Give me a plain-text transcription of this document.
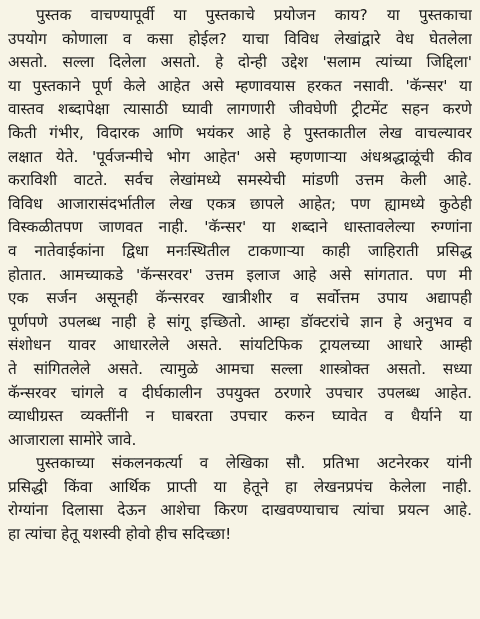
पुस्तक वाचण्यापूर्वी या पुस्तकाचे प्रयोजन काय? या पुस्तकाचा
उपयोग कोणाला व कसा होईल? याचा विविध लेखांद्वारे वेध घेतलेला
असतो. सल्ला दिलेला असतो. हे दोन्ही उद्देश 'सलाम त्यांच्या जिद्दिला'
या पुस्तकाने पूर्ण केले आहेत असे म्हणावयास हरकत नसावी. 'कॅन्सर' या
वास्तव शब्दापेक्षा त्यासाठी घ्यावी लागणारी जीवघेणी ट्रीटमेंट सहन करणे
किती गंभीर, विदारक आणि भयंकर आहे हे पुस्तकातील लेख वाचल्यावर
लक्षात येते. 'पूर्वजन्मीचे भोग आहेत' असे म्हणणाऱ्या अंधश्रद्धाळूंची कीव
कराविशी वाटते. सर्वच लेखांमध्ये समस्येची मांडणी उत्तम केली आहे.
विविध आजारासंदर्भातील लेख एकत्र छापले आहेत; पण ह्यामध्ये कुठेही
विस्कळीतपण जाणवत नाही. 'कॅन्सर' या शब्दाने धास्तावलेल्या रुग्णांना
व नातेवाईकांना द्विधा मनःस्थितील टाकणाऱ्या काही जाहिराती प्रसिद्ध
होतात. आमच्याकडे 'कॅन्सरवर' उत्तम इलाज आहे असे सांगतात. पण मी
एक सर्जन असूनही कॅन्सरवर खात्रीशीर व सर्वोत्तम उपाय अद्यापही
पूर्णपणे उपलब्ध नाही हे सांगू इच्छितो. आम्हा डॉक्टरांचे ज्ञान हे अनुभव व
संशोधन यावर आधारलेले असते. सांयटिफिक ट्रायलच्या आधारे आम्ही
ते सांगितलेले असते. त्यामुळे आमचा सल्ला शास्त्रोक्त असतो. सध्या
कॅन्सरवर चांगले व दीर्घकालीन उपयुक्त ठरणारे उपचार उपलब्ध आहेत.
व्याधीग्रस्त व्यक्तींनी न घाबरता उपचार करुन घ्यावेत व धैर्याने या
आजाराला सामोरे जावे.
पुस्तकाच्या संकलनकर्त्या व लेखिका सौ. प्रतिभा अटनेरकर यांनी
प्रसिद्धी किंवा आर्थिक प्राप्ती या हेतूने हा लेखनप्रपंच केलेला नाही.
रोग्यांना दिलासा देऊन आशेचा किरण दाखवण्याचाच त्यांचा प्रयत्न आहे.
हा त्यांचा हेतू यशस्वी होवो हीच सदिच्छा!
